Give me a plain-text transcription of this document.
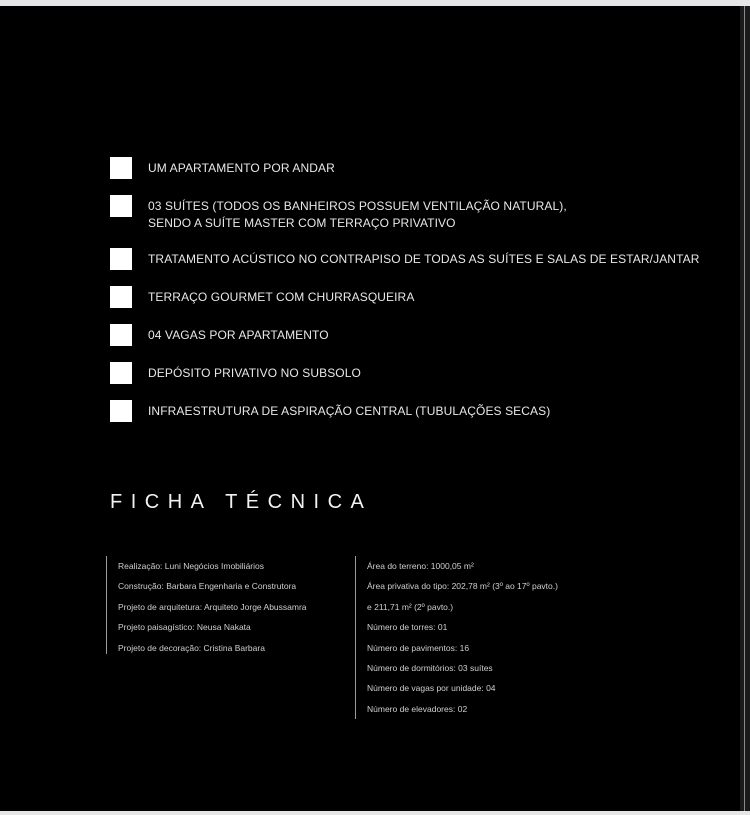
UM APARTAMENTO POR ANDAR
03 SUÍTES (TODOS OS BANHEIROS POSSUEM VENTILAÇÃO NATURAL),
SENDO A SUÍTE MASTER COM TERRAÇO PRIVATIVO
TRATAMENTO ACÚSTICO NO CONTRAPISO DE TODAS AS SUÍTES E SALAS DE ESTAR/JANTAR
TERRAÇO GOURMET COM CHURRASQUEIRA
04 VAGAS POR APARTAMENTO
DEPÓSITO PRIVATIVO NO SUBSOLO
INFRAESTRUTURA DE ASPIRAÇÃO CENTRAL (TUBULAÇÕES SECAS)
FICHA TÉCNICA
Realização: Luni Negócios Imobiliários
Construção: Barbara Engenharia e Construtora
Projeto de arquitetura: Arquiteto Jorge Abussamra
Projeto paisagístico: Neusa Nakata
Projeto de decoração: Cristina Barbara
Área do terreno: 1000,05 m²
Área privativa do tipo: 202,78 m² (3º ao 17º pavto.)
e 211,71 m² (2º pavto.)
Número de torres: 01
Número de pavimentos: 16
Número de dormitórios: 03 suítes
Número de vagas por unidade: 04
Número de elevadores: 02
